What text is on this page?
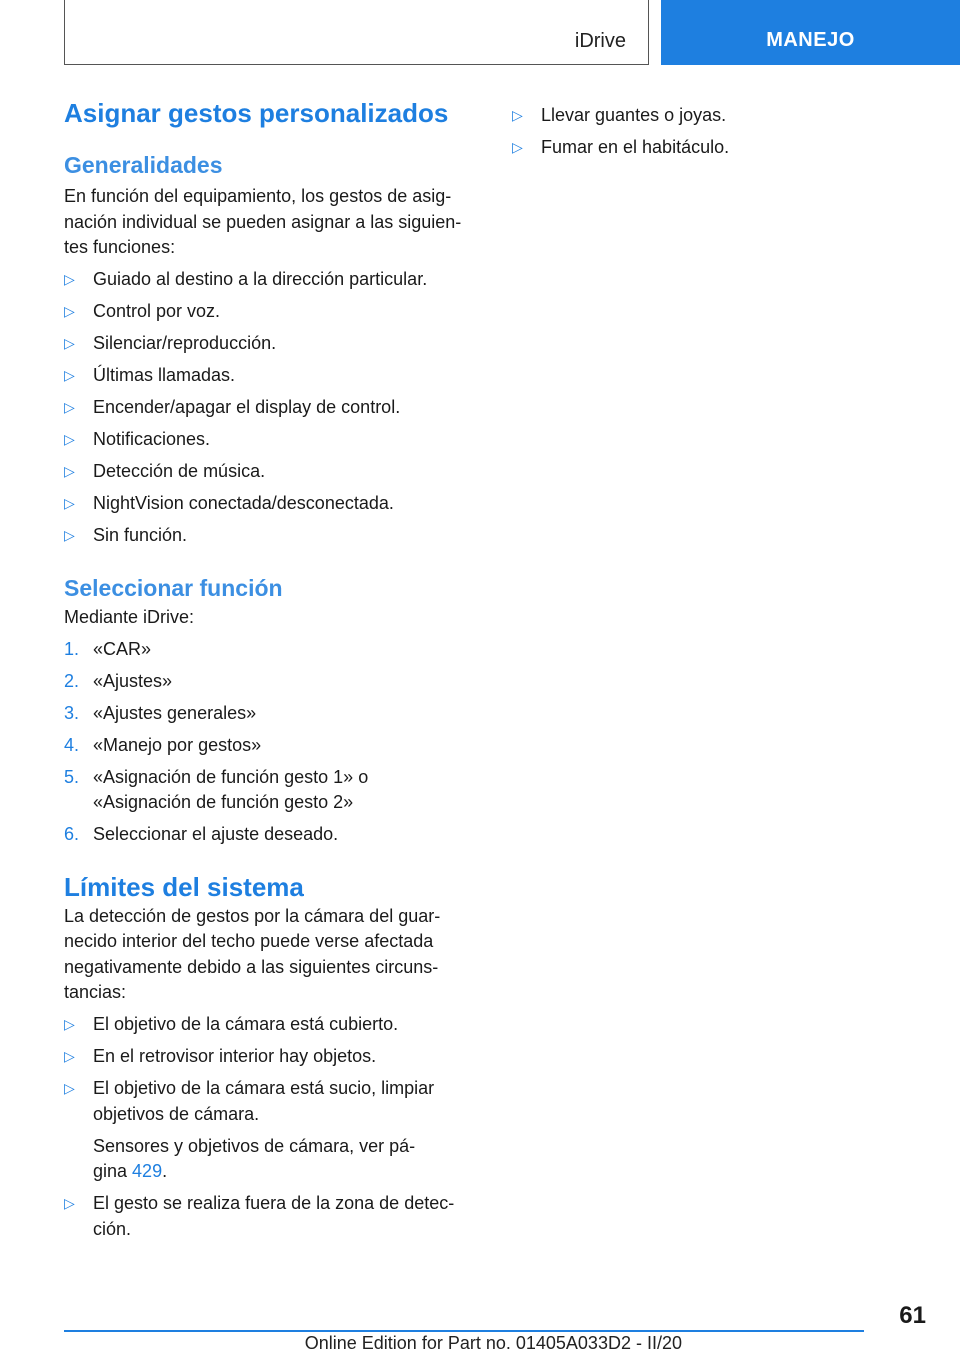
iDrive	MANEJO
Asignar gestos personalizados
Generalidades
En función del equipamiento, los gestos de asig-
nación individual se pueden asignar a las siguien-
tes funciones:
▷ Guiado al destino a la dirección particular.
▷ Control por voz.
▷ Silenciar/reproducción.
▷ Últimas llamadas.
▷ Encender/apagar el display de control.
▷ Notificaciones.
▷ Detección de música.
▷ NightVision conectada/desconectada.
▷ Sin función.
Seleccionar función
Mediante iDrive:
1. «CAR»
2. «Ajustes»
3. «Ajustes generales»
4. «Manejo por gestos»
5. «Asignación de función gesto 1» o
«Asignación de función gesto 2»
6. Seleccionar el ajuste deseado.
Límites del sistema
La detección de gestos por la cámara del guar-
necido interior del techo puede verse afectada
negativamente debido a las siguientes circuns-
tancias:
▷ El objetivo de la cámara está cubierto.
▷ En el retrovisor interior hay objetos.
▷ El objetivo de la cámara está sucio, limpiar
objetivos de cámara.
Sensores y objetivos de cámara, ver pá-
gina 429.
▷ El gesto se realiza fuera de la zona de detec-
ción.
▷ Llevar guantes o joyas.
▷ Fumar en el habitáculo.
61
Online Edition for Part no. 01405A033D2 - II/20
